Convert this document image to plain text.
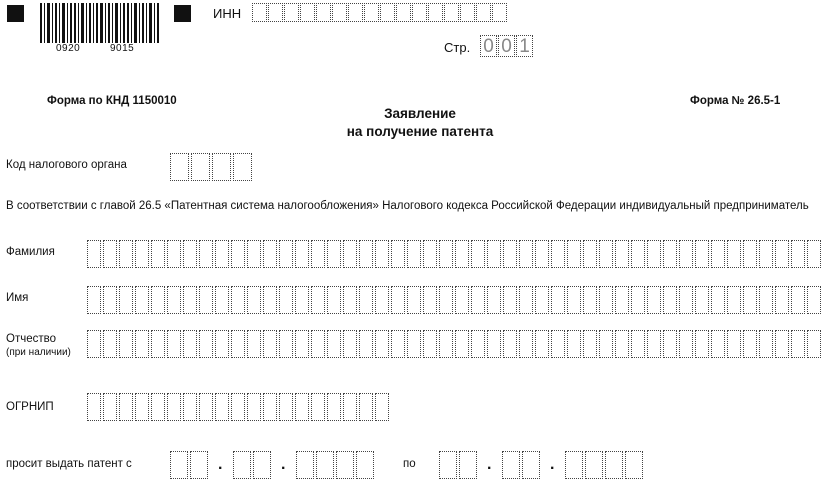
0920	9015
ИНН
Стр. 0 0 1
Форма по КНД 1150010	Форма № 26.5-1
Заявление
на получение патента
Код налогового органа
В соответствии с главой 26.5 «Патентная система налогообложения» Налогового кодекса Российской Федерации индивидуальный предприниматель
Фамилия
Имя
Отчество
(при наличии)
ОГРНИП
просит выдать патент с	.	.	по	.	.
